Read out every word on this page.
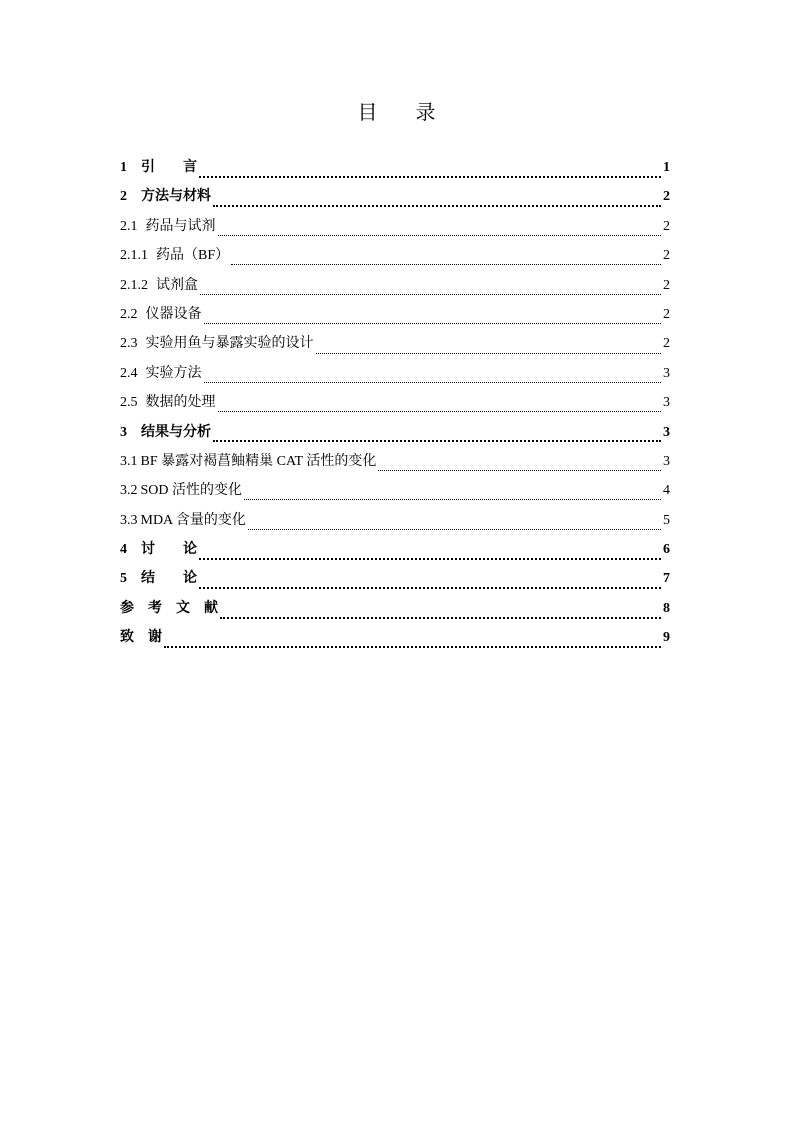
目 录
1 引　　言	1
2 方法与材料	2
2.1 药品与试剂	2
2.1.1 药品（BF）	2
2.1.2 试剂盒	2
2.2 仪器设备	2
2.3 实验用鱼与暴露实验的设计	2
2.4 实验方法	3
2.5 数据的处理	3
3 结果与分析	3
3.1 BF 暴露对褐菖鲉精巢 CAT 活性的变化	3
3.2 SOD 活性的变化	4
3.3 MDA 含量的变化	5
4 讨　　论	6
5 结　　论	7
参　考　文　献	8
致　谢	9
